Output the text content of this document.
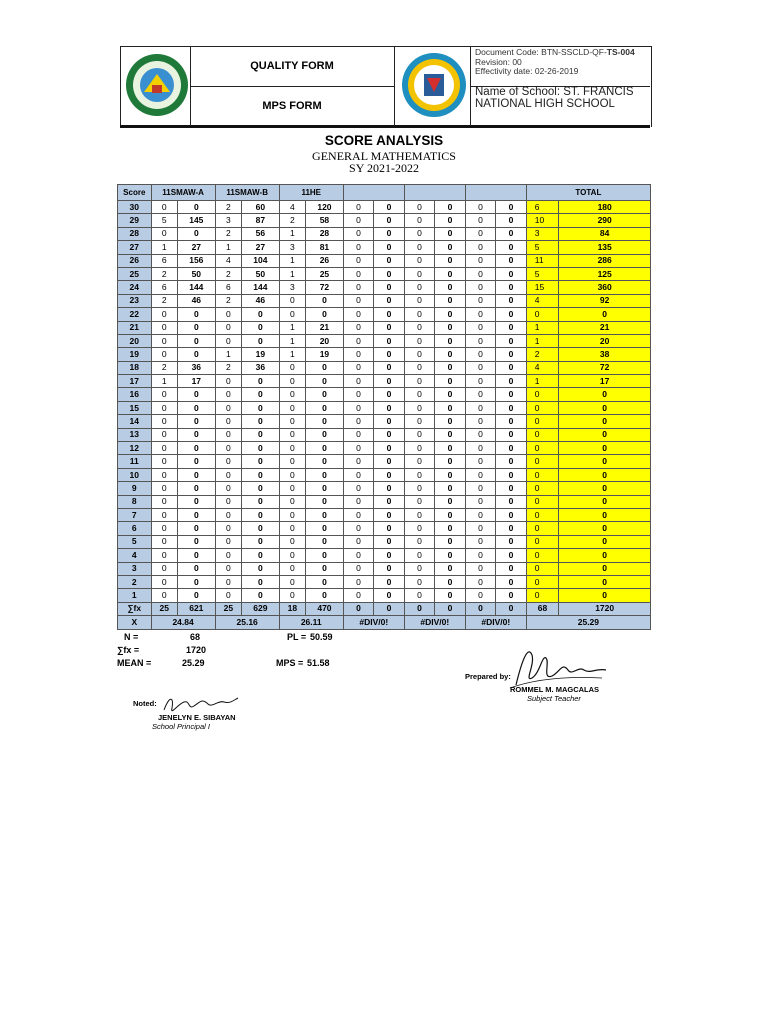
QUALITY FORM
MPS FORM
Document Code: BTN-SSCLD-QF-TS-004
Revision: 00
Effectivity date: 02-26-2019
Name of School: ST. FRANCIS
NATIONAL HIGH SCHOOL
SCORE ANALYSIS
GENERAL MATHEMATICS
SY 2021-2022
Score	11SMAW-A		11SMAW-B		11HE								TOTAL	
30	0	0	2	60	4	120	0	0	0	0	0	0	6	180
29	5	145	3	87	2	58	0	0	0	0	0	0	10	290
28	0	0	2	56	1	28	0	0	0	0	0	0	3	84
27	1	27	1	27	3	81	0	0	0	0	0	0	5	135
26	6	156	4	104	1	26	0	0	0	0	0	0	11	286
25	2	50	2	50	1	25	0	0	0	0	0	0	5	125
24	6	144	6	144	3	72	0	0	0	0	0	0	15	360
23	2	46	2	46	0	0	0	0	0	0	0	0	4	92
22	0	0	0	0	0	0	0	0	0	0	0	0	0	0
21	0	0	0	0	1	21	0	0	0	0	0	0	1	21
20	0	0	0	0	1	20	0	0	0	0	0	0	1	20
19	0	0	1	19	1	19	0	0	0	0	0	0	2	38
18	2	36	2	36	0	0	0	0	0	0	0	0	4	72
17	1	17	0	0	0	0	0	0	0	0	0	0	1	17
16	0	0	0	0	0	0	0	0	0	0	0	0	0	0
15	0	0	0	0	0	0	0	0	0	0	0	0	0	0
14	0	0	0	0	0	0	0	0	0	0	0	0	0	0
13	0	0	0	0	0	0	0	0	0	0	0	0	0	0
12	0	0	0	0	0	0	0	0	0	0	0	0	0	0
11	0	0	0	0	0	0	0	0	0	0	0	0	0	0
10	0	0	0	0	0	0	0	0	0	0	0	0	0	0
9	0	0	0	0	0	0	0	0	0	0	0	0	0	0
8	0	0	0	0	0	0	0	0	0	0	0	0	0	0
7	0	0	0	0	0	0	0	0	0	0	0	0	0	0
6	0	0	0	0	0	0	0	0	0	0	0	0	0	0
5	0	0	0	0	0	0	0	0	0	0	0	0	0	0
4	0	0	0	0	0	0	0	0	0	0	0	0	0	0
3	0	0	0	0	0	0	0	0	0	0	0	0	0	0
2	0	0	0	0	0	0	0	0	0	0	0	0	0	0
1	0	0	0	0	0	0	0	0	0	0	0	0	0	0
∑fx	25	621	25	629	18	470	0	0	0	0	0	0	68	1720
X	24.84		25.16		26.11		#DIV/0!		#DIV/0!		#DIV/0!		25.29	
N =	68
∑fx =	1720
MEAN =	25.29
PL = 50.59
MPS = 51.58
Prepared by:
ROMMEL M. MAGCALAS
Subject Teacher
Noted:
JENELYN E. SIBAYAN
School Principal I
